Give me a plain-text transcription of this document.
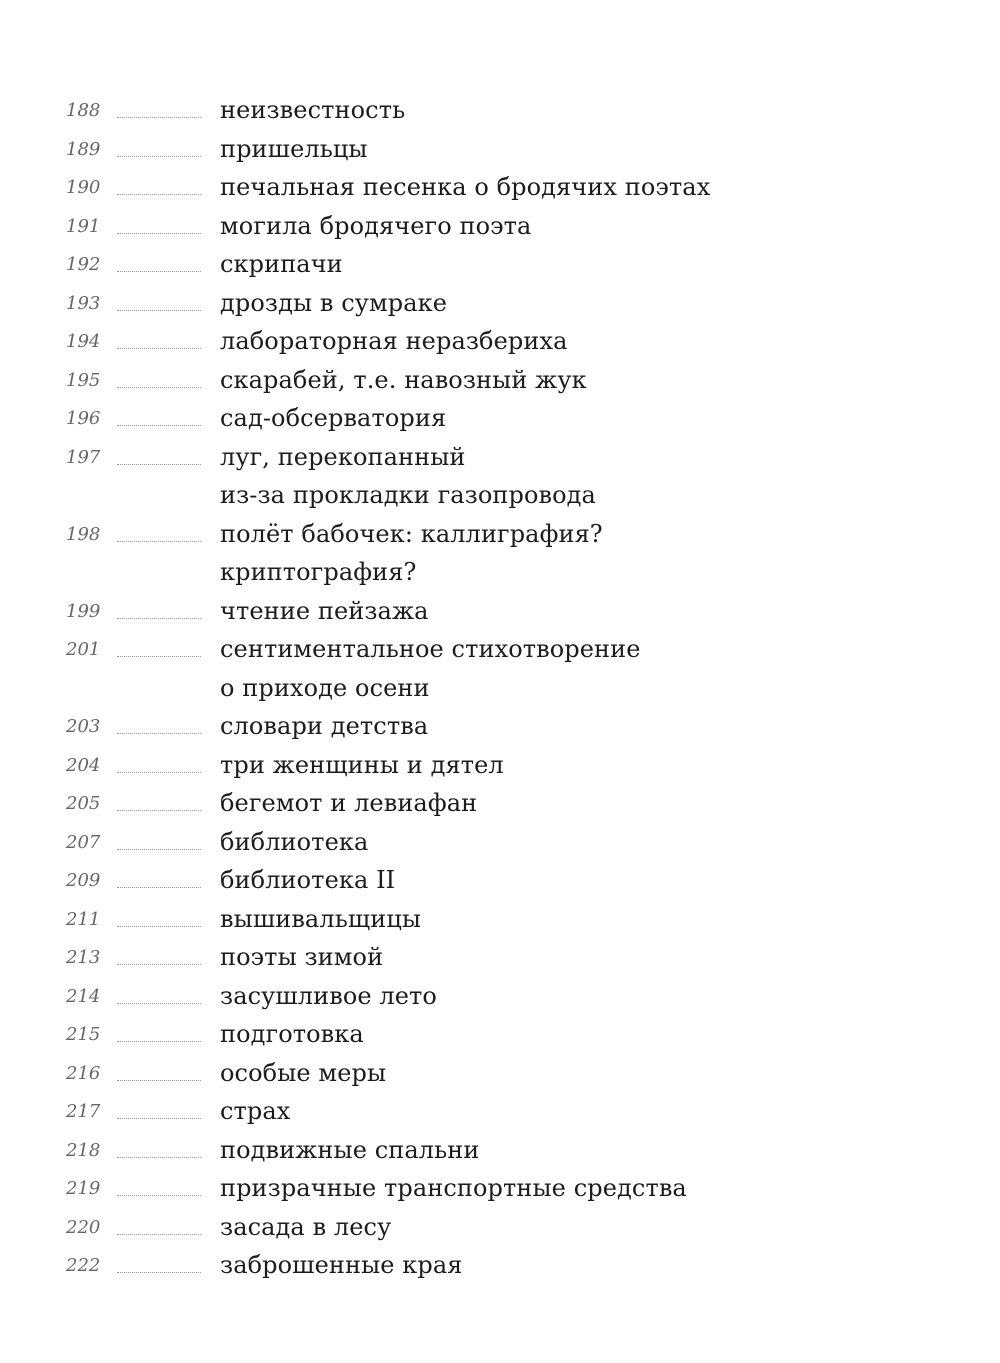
188	неизвестность
189	пришельцы
190	печальная песенка о бродячих поэтах
191	могила бродячего поэта
192	скрипачи
193	дрозды в сумраке
194	лабораторная неразбериха
195	скарабей, т.е. навозный жук
196	сад-обсерватория
197	луг, перекопанный
из-за прокладки газопровода
198	полёт бабочек: каллиграфия?
криптография?
199	чтение пейзажа
201	сентиментальное стихотворение
о приходе осени
203	словари детства
204	три женщины и дятел
205	бегемот и левиафан
207	библиотека
209	библиотека II
211	вышивальщицы
213	поэты зимой
214	засушливое лето
215	подготовка
216	особые меры
217	страх
218	подвижные спальни
219	призрачные транспортные средства
220	засада в лесу
222	заброшенные края
